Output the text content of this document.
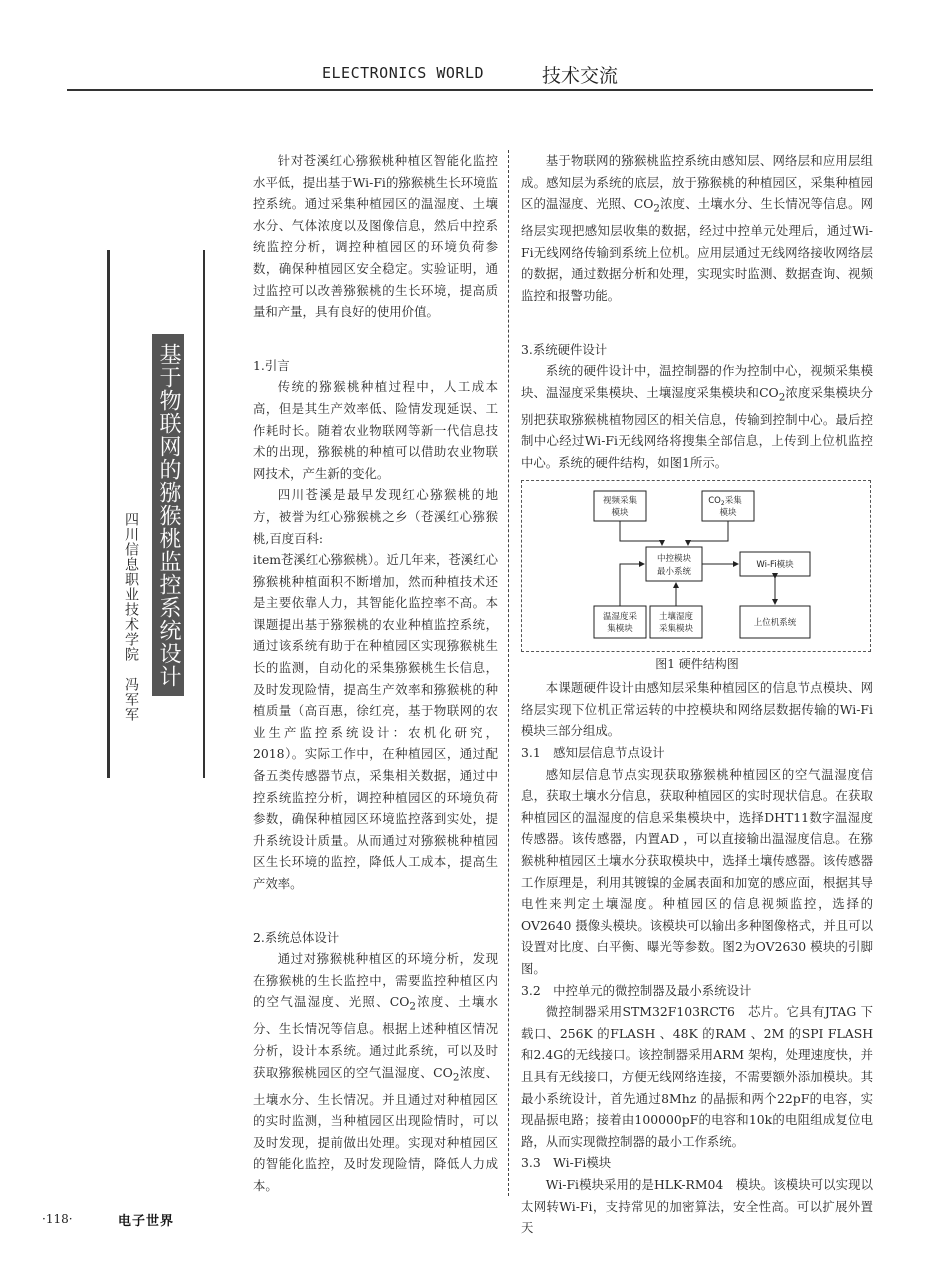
ELECTRONICS WORLD	技术交流
基于物联网的猕猴桃监控系统设计
四川信息职业技术学院　冯军军

针对苍溪红心猕猴桃种植区智能化监控水平低，提出基于Wi-Fi的猕猴桃生长环境监控系统。通过采集种植园区的温湿度、土壤水分、气体浓度以及图像信息，然后中控系统监控分析，调控种植园区的环境负荷参数，确保种植园区安全稳定。实验证明，通过监控可以改善猕猴桃的生长环境，提高质量和产量，具有良好的使用价值。

1.引言

传统的猕猴桃种植过程中，人工成本高，但是其生产效率低、险情发现延误、工作耗时长。随着农业物联网等新一代信息技术的出现，猕猴桃的种植可以借助农业物联网技术，产生新的变化。

四川苍溪是最早发现红心猕猴桃的地方，被誉为红心猕猴桃之乡（苍溪红心猕猴桃,百度百科:

item苍溪红心猕猴桃）。近几年来，苍溪红心猕猴桃种植面积不断增加，然而种植技术还是主要依靠人力，其智能化监控率不高。本课题提出基于猕猴桃的农业种植监控系统，通过该系统有助于在种植园区实现猕猴桃生长的监测，自动化的采集猕猴桃生长信息，及时发现险情，提高生产效率和猕猴桃的种植质量（高百惠，徐红亮，基于物联网的农业生产监控系统设计：农机化研究，2018）。实际工作中，在种植园区，通过配备五类传感器节点，采集相关数据，通过中控系统监控分析，调控种植园区的环境负荷参数，确保种植园区环境监控落到实处，提升系统设计质量。从而通过对猕猴桃种植园区生长环境的监控，降低人工成本，提高生产效率。

2.系统总体设计

通过对猕猴桃种植区的环境分析，发现在猕猴桃的生长监控中，需要监控种植区内的空气温湿度、光照、$CO_2$浓度、土壤水分、生长情况等信息。根据上述种植区情况分析，设计本系统。通过此系统，可以及时获取猕猴桃园区的空气温湿度、$CO_2$浓度、土壤水分、生长情况。并且通过对种植园区的实时监测，当种植园区出现险情时，可以及时发现，提前做出处理。实现对种植园区的智能化监控，及时发现险情，降低人力成本。

基于物联网的猕猴桃监控系统由感知层、网络层和应用层组成。感知层为系统的底层，放于猕猴桃的种植园区，采集种植园区的温湿度、光照、$CO_2$浓度、土壤水分、生长情况等信息。网络层实现把感知层收集的数据，经过中控单元处理后，通过Wi-Fi无线网络传输到系统上位机。应用层通过无线网络接收网络层的数据，通过数据分析和处理，实现实时监测、数据查询、视频监控和报警功能。

3.系统硬件设计

系统的硬件设计中，温控制器的作为控制中心，视频采集模块、温湿度采集模块、土壤湿度采集模块和$CO_2$浓度采集模块分别把获取猕猴桃植物园区的相关信息，传输到控制中心。最后控制中心经过Wi-Fi无线网络将搜集全部信息，上传到上位机监控中心。系统的硬件结构，如图1所示。

视频采集
模块
$CO_2$采集
模块
中控模块
最小系统
Wi-Fi模块
温湿度采
集模块
土壤湿度
采集模块
上位机系统
图1 硬件结构图

本课题硬件设计由感知层采集种植园区的信息节点模块、网络层实现下位机正常运转的中控模块和网络层数据传输的Wi-Fi模块三部分组成。

3.1　感知层信息节点设计

感知层信息节点实现获取猕猴桃种植园区的空气温湿度信息，获取土壤水分信息，获取种植园区的实时现状信息。在获取种植园区的温湿度的信息采集模块中，选择DHT11数字温湿度传感器。该传感器，内置AD ，可以直接输出温湿度信息。在猕猴桃种植园区土壤水分获取模块中，选择土壤传感器。该传感器工作原理是，利用其镀镍的金属表面和加宽的感应面，根据其导电性来判定土壤湿度。种植园区的信息视频监控，选择的OV2640 摄像头模块。该模块可以输出多种图像格式，并且可以设置对比度、白平衡、曝光等参数。图2为OV2630 模块的引脚图。

3.2　中控单元的微控制器及最小系统设计

微控制器采用STM32F103RCT6　芯片。它具有JTAG 下载口、256K 的FLASH 、48K 的RAM 、2M 的SPI FLASH 和2.4G的无线接口。该控制器采用ARM 架构，处理速度快，并且具有无线接口，方便无线网络连接，不需要额外添加模块。其最小系统设计，首先通过8Mhz 的晶振和两个22pF的电容，实现晶振电路；接着由100000pF的电容和10k的电阻组成复位电路，从而实现微控制器的最小工作系统。

3.3　Wi-Fi模块

Wi-Fi模块采用的是HLK-RM04　模块。该模块可以实现以太网转Wi-Fi，支持常见的加密算法，安全性高。可以扩展外置天

·118·	电子世界
